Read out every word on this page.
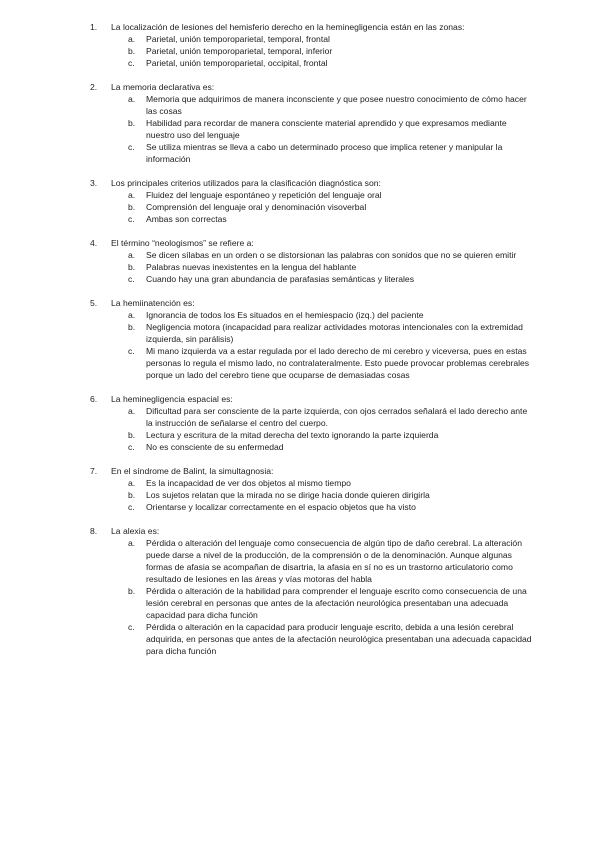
1.	La localización de lesiones del hemisferio derecho en la heminegligencia están en las zonas:
a.	Parietal, unión temporoparietal, temporal, frontal
b.	Parietal, unión temporoparietal, temporal, inferior
c.	Parietal, unión temporoparietal, occipital, frontal
2.	La memoria declarativa es:
a.	Memoria que adquirimos de manera inconsciente y que posee nuestro conocimiento de cómo hacer las cosas
b.	Habilidad para recordar de manera consciente material aprendido y que expresamos mediante nuestro uso del lenguaje
c.	Se utiliza mientras se lleva a cabo un determinado proceso que implica retener y manipular la información
3.	Los principales criterios utilizados para la clasificación diagnóstica son:
a.	Fluidez del lenguaje espontáneo y repetición del lenguaje oral
b.	Comprensión del lenguaje oral y denominación visoverbal
c.	Ambas son correctas
4.	El término “neologismos” se refiere a:
a.	Se dicen sílabas en un orden o se distorsionan las palabras con sonidos que no se quieren emitir
b.	Palabras nuevas inexistentes en la lengua del hablante
c.	Cuando hay una gran abundancia de parafasias semánticas y literales
5.	La hemiinatención es:
a.	Ignorancia de todos los Es situados en el hemiespacio (izq.) del paciente
b.	Negligencia motora (incapacidad para realizar actividades motoras intencionales con la extremidad izquierda, sin parálisis)
c.	Mi mano izquierda va a estar regulada por el lado derecho de mi cerebro y viceversa, pues en estas personas lo regula el mismo lado, no contralateralmente. Esto puede provocar problemas cerebrales porque un lado del cerebro tiene que ocuparse de demasiadas cosas
6.	La heminegligencia espacial es:
a.	Dificultad para ser consciente de la parte izquierda, con ojos cerrados señalará el lado derecho ante la instrucción de señalarse el centro del cuerpo.
b.	Lectura y escritura de la mitad derecha del texto ignorando la parte izquierda
c.	No es consciente de su enfermedad
7.	En el síndrome de Balint, la simultagnosia:
a.	Es la incapacidad de ver dos objetos al mismo tiempo
b.	Los sujetos relatan que la mirada no se dirige hacia donde quieren dirigirla
c.	Orientarse y localizar correctamente en el espacio objetos que ha visto
8.	La alexia es:
a.	Pérdida o alteración del lenguaje como consecuencia de algún tipo de daño cerebral. La alteración puede darse a nivel de la producción, de la comprensión o de la denominación. Aunque algunas formas de afasia se acompañan de disartria, la afasia en sí no es un trastorno articulatorio como resultado de lesiones en las áreas y vías motoras del habla
b.	Pérdida o alteración de la habilidad para comprender el lenguaje escrito como consecuencia de una lesión cerebral en personas que antes de la afectación neurológica presentaban una adecuada capacidad para dicha función
c.	Pérdida o alteración en la capacidad para producir lenguaje escrito, debida a una lesión cerebral adquirida, en personas que antes de la afectación neurológica presentaban una adecuada capacidad para dicha función
